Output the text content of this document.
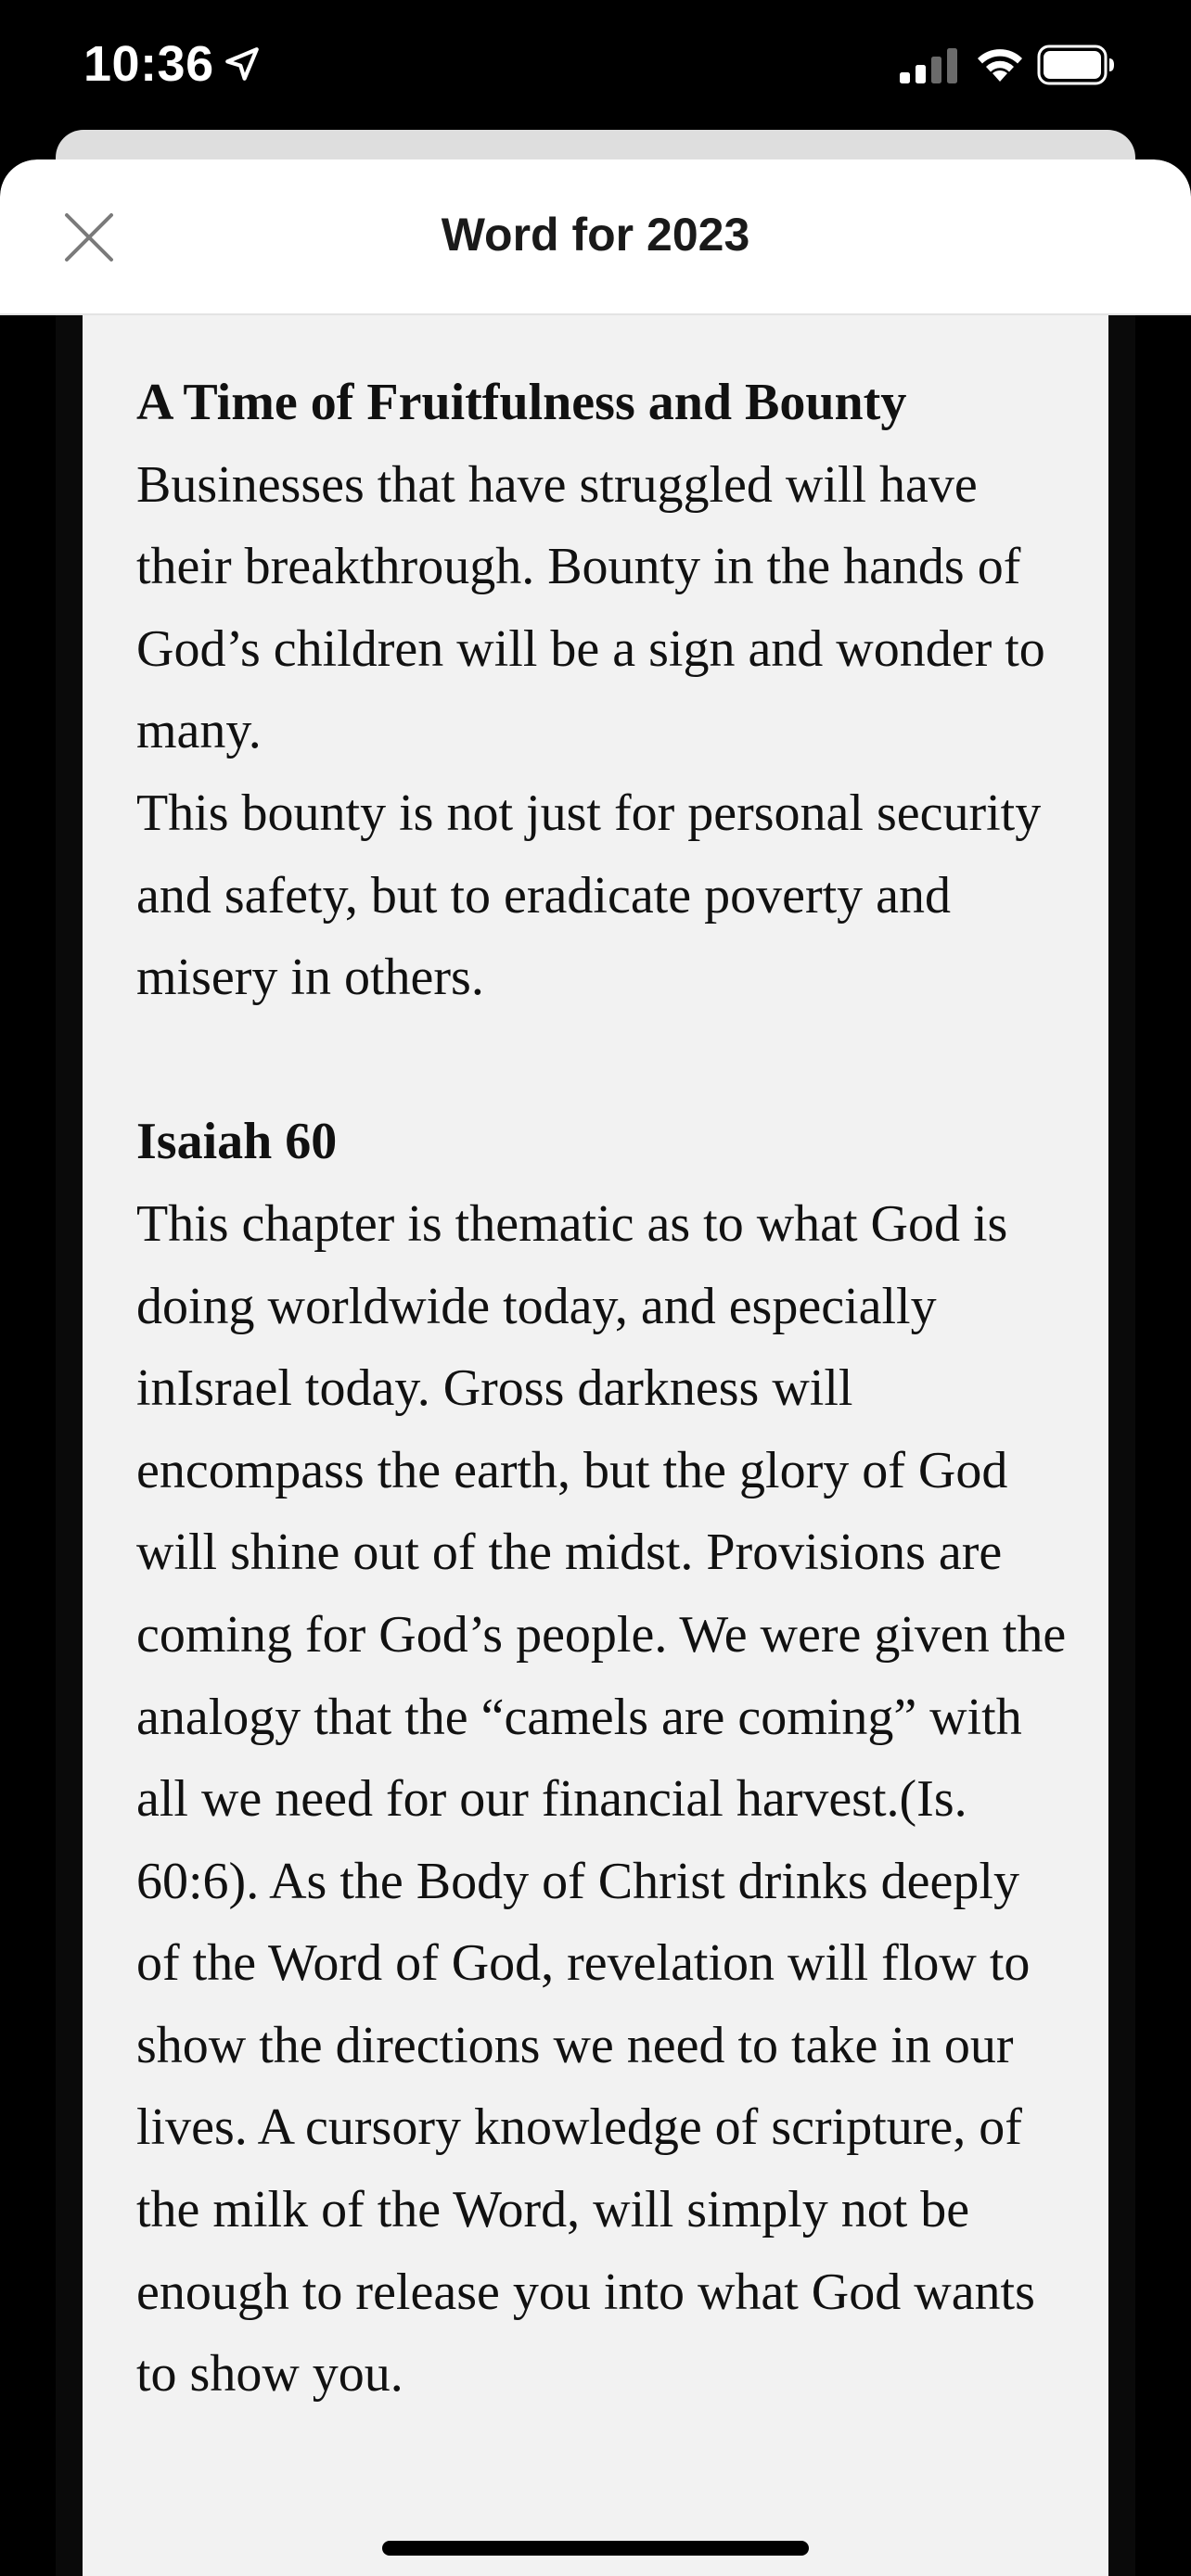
10:36
Word for 2023

A Time of Fruitfulness and Bounty

Businesses that have struggled will have their breakthrough. Bounty in the hands of God’s children will be a sign and wonder to many.

This bounty is not just for personal security and safety, but to eradicate poverty and misery in others.

Isaiah 60

This chapter is thematic as to what God is doing worldwide today, and especially inIsrael today. Gross darkness will encompass the earth, but the glory of God will shine out of the midst. Provisions are coming for God’s people. We were given the analogy that the “camels are coming” with all we need for our financial harvest.(Is. 60:6). As the Body of Christ drinks deeply of the Word of God, revelation will flow to show the directions we need to take in our lives. A cursory knowledge of scripture, of the milk of the Word, will simply not be enough to release you into what God wants to show you.
